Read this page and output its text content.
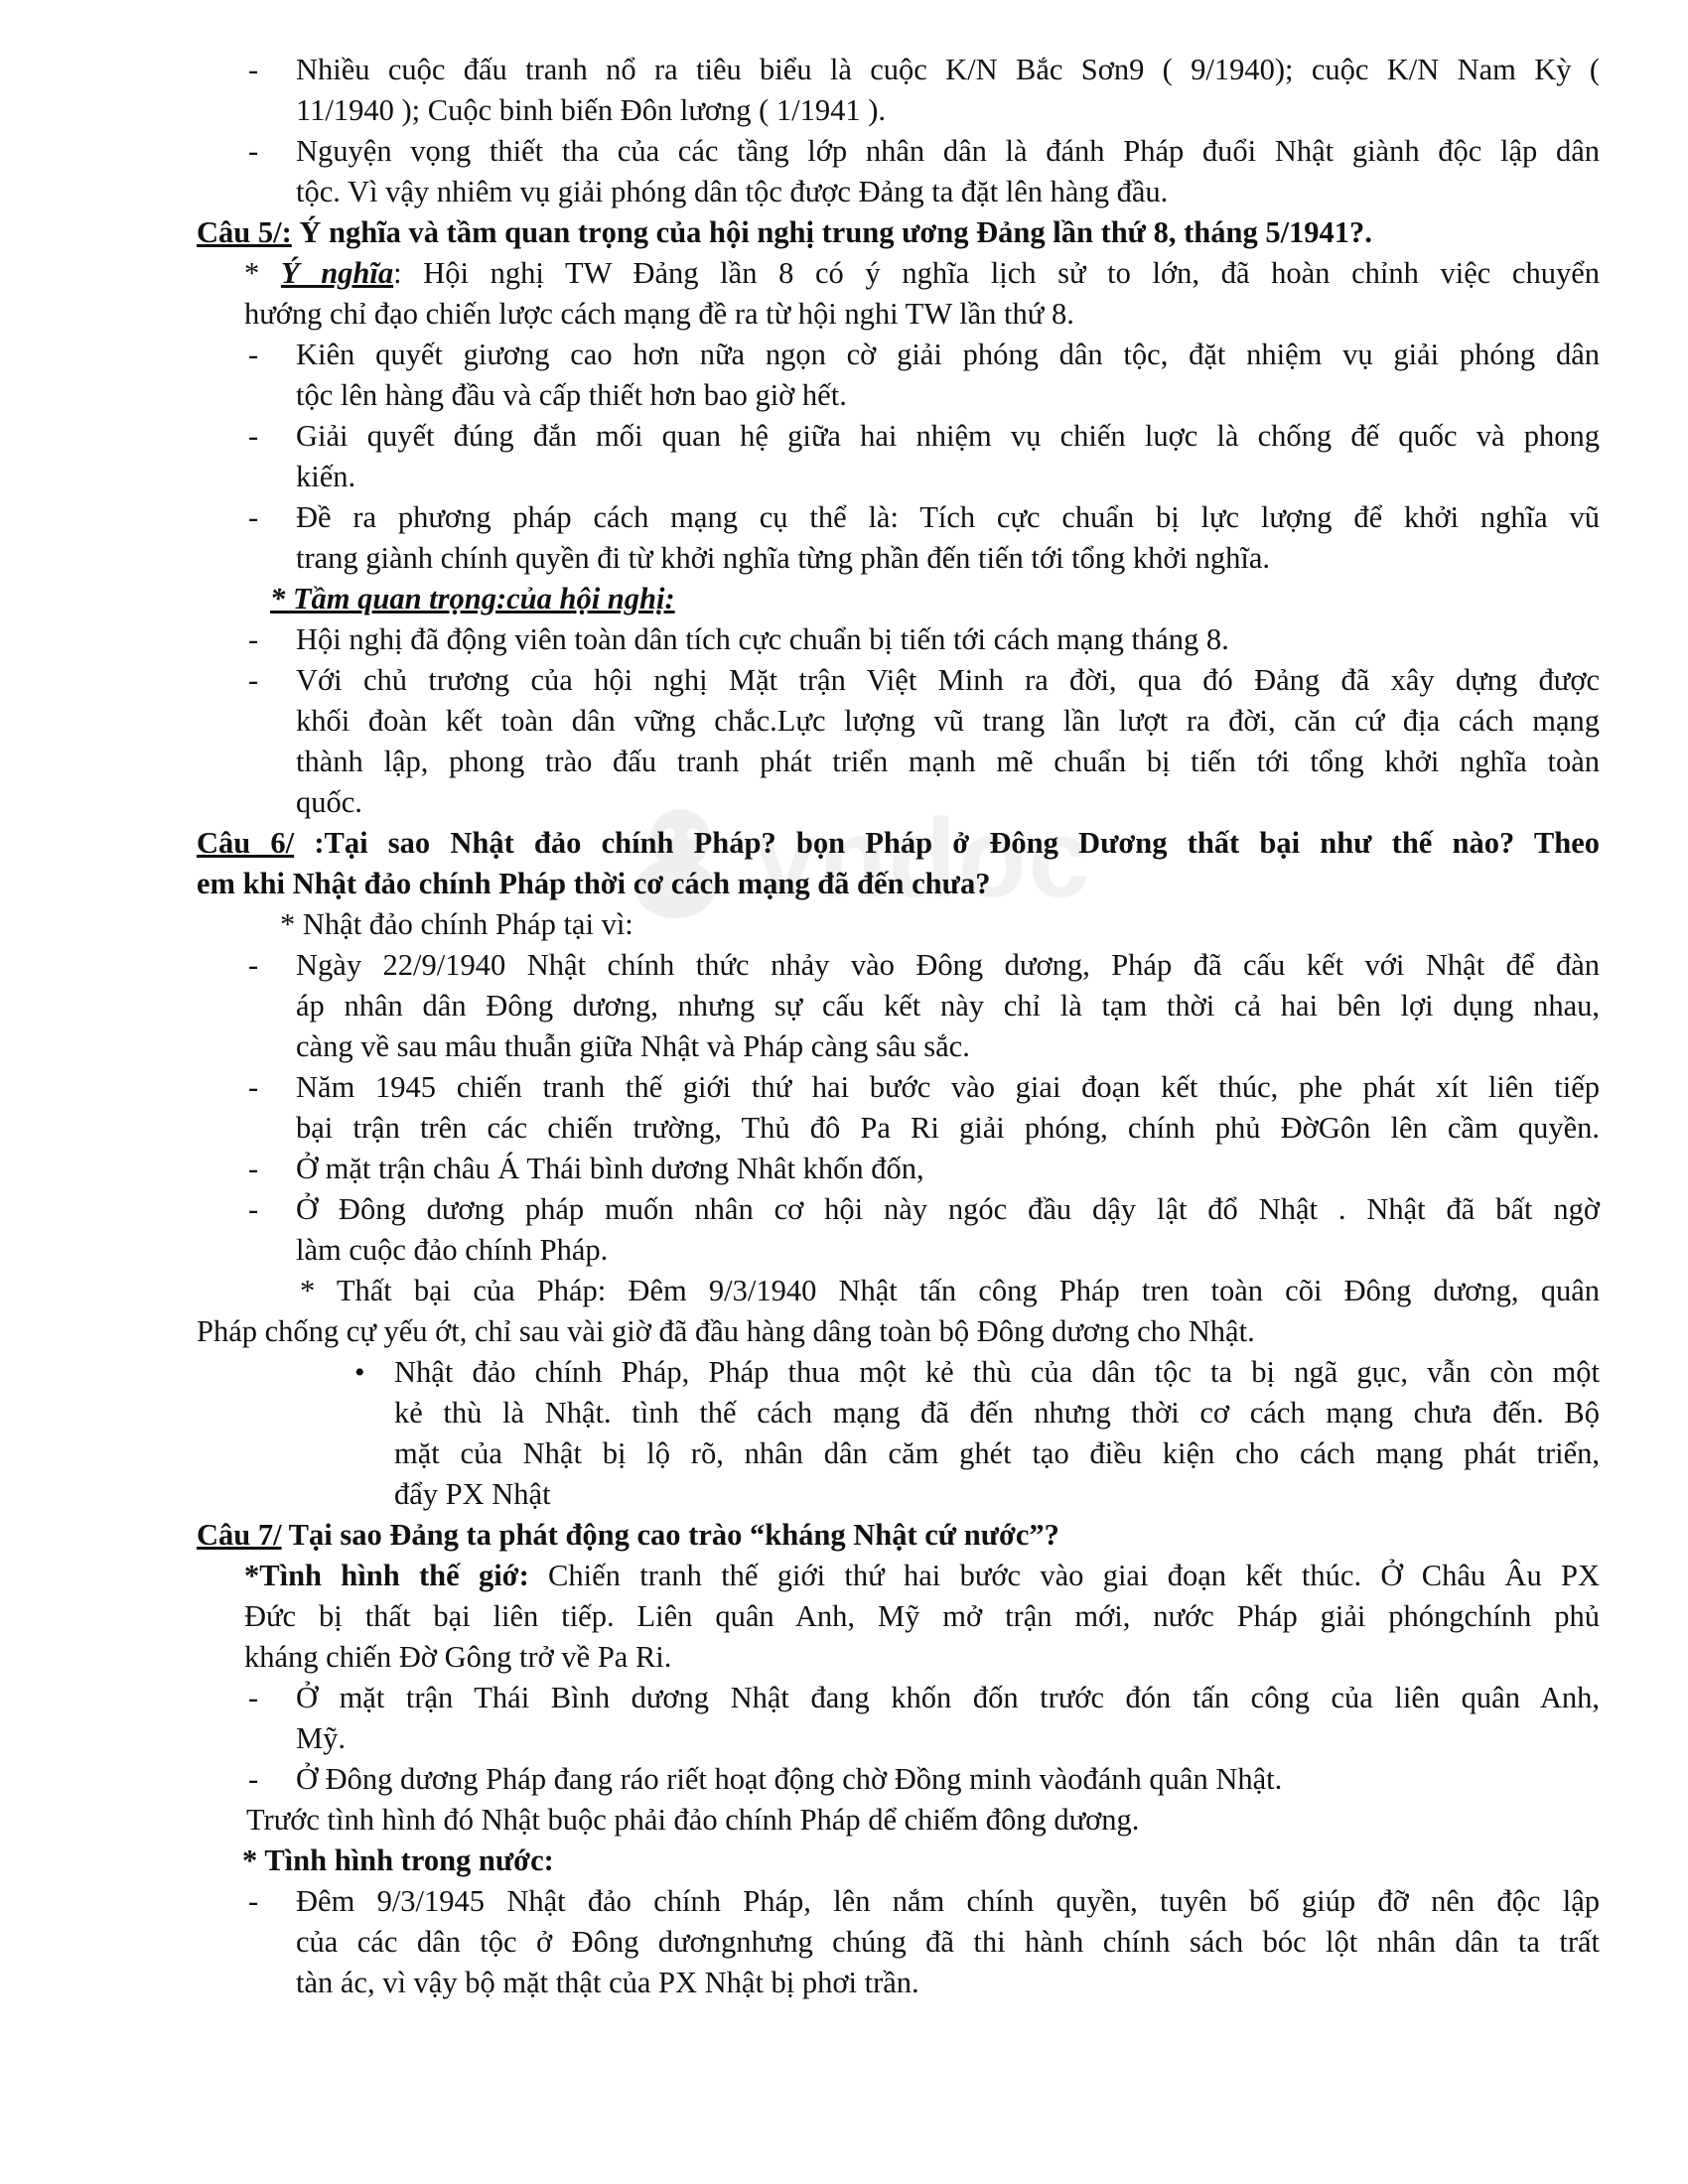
vndoc
- Nhiều cuộc đấu tranh nổ ra tiêu biểu là cuộc K/N Bắc Sơn9 ( 9/1940); cuộc K/N Nam Kỳ (
11/1940 ); Cuộc binh biến Đôn lương ( 1/1941 ).
- Nguyện vọng thiết tha của các tầng lớp nhân dân là đánh Pháp đuổi Nhật giành độc lập dân
tộc. Vì vậy nhiêm vụ giải phóng dân tộc được Đảng ta đặt lên hàng đầu.
Câu 5/: Ý nghĩa và tầm quan trọng của hội nghị trung ương Đảng lần thứ 8, tháng 5/1941?.
* Ý nghĩa: Hội nghị TW Đảng lần 8 có ý nghĩa lịch sử to lớn, đã hoàn chỉnh việc chuyển
hướng chỉ đạo chiến lược cách mạng đề ra từ hội nghi TW lần thứ 8.
- Kiên quyết giương cao hơn nữa ngọn cờ giải phóng dân tộc, đặt nhiệm vụ giải phóng dân
tộc lên hàng đầu và cấp thiết hơn bao giờ hết.
- Giải quyết đúng đắn mối quan hệ giữa hai nhiệm vụ chiến luợc là chống đế quốc và phong
kiến.
- Đề ra phương pháp cách mạng cụ thể là: Tích cực chuẩn bị lực lượng để khởi nghĩa vũ
trang giành chính quyền đi từ khởi nghĩa từng phần đến tiến tới tổng khởi nghĩa.
* Tầm quan trọng:của hội nghị:
- Hội nghị đã động viên toàn dân tích cực chuẩn bị tiến tới cách mạng tháng 8.
- Với chủ trương của hội nghị Mặt trận Việt Minh ra đời, qua đó Đảng đã xây dựng được
khối đoàn kết toàn dân vững chắc.Lực lượng vũ trang lần lượt ra đời, căn cứ địa cách mạng
thành lập, phong trào đấu tranh phát triển mạnh mẽ chuẩn bị tiến tới tổng khởi nghĩa toàn
quốc.
Câu 6/ :Tại sao Nhật đảo chính Pháp? bọn Pháp ở Đông Dương thất bại như thế nào? Theo
em khi Nhật đảo chính Pháp thời cơ cách mạng đã đến chưa?
* Nhật đảo chính Pháp tại vì:
- Ngày 22/9/1940 Nhật chính thức nhảy vào Đông dương, Pháp đã cấu kết với Nhật để đàn
áp nhân dân Đông dương, nhưng sự cấu kết này chỉ là tạm thời cả hai bên lợi dụng nhau,
càng về sau mâu thuẫn giữa Nhật và Pháp càng sâu sắc.
- Năm 1945 chiến tranh thế giới thứ hai bước vào giai đoạn kết thúc, phe phát xít liên tiếp
bại trận trên các chiến trường, Thủ đô Pa Ri giải phóng, chính phủ ĐờGôn lên cầm quyền.
- Ở mặt trận châu Á Thái bình dương Nhât khốn đốn,
- Ở Đông dương pháp muốn nhân cơ hội này ngóc đầu dậy lật đổ Nhật . Nhật đã bất ngờ
làm cuộc đảo chính Pháp.
* Thất bại của Pháp: Đêm 9/3/1940 Nhật tấn công Pháp tren toàn cõi Đông dương, quân
Pháp chống cự yếu ớt, chỉ sau vài giờ đã đầu hàng dâng toàn bộ Đông dương cho Nhật.
• Nhật đảo chính Pháp, Pháp thua một kẻ thù của dân tộc ta bị ngã gục, vẫn còn một
kẻ thù là Nhật. tình thế cách mạng đã đến nhưng thời cơ cách mạng chưa đến. Bộ
mặt của Nhật bị lộ rõ, nhân dân căm ghét tạo điều kiện cho cách mạng phát triển,
đẩy PX Nhật
Câu 7/ Tại sao Đảng ta phát động cao trào “kháng Nhật cứ nước”?
*Tình hình thế giớ: Chiến tranh thế giới thứ hai bước vào giai đoạn kết thúc. Ở Châu Âu PX
Đức bị thất bại liên tiếp. Liên quân Anh, Mỹ mở trận mới, nước Pháp giải phóngchính phủ
kháng chiến Đờ Gông trở về Pa Ri.
- Ở mặt trận Thái Bình dương Nhật đang khốn đốn trước đón tấn công của liên quân Anh,
Mỹ.
- Ở Đông dương Pháp đang ráo riết hoạt động chờ Đồng minh vàođánh quân Nhật.
Trước tình hình đó Nhật buộc phải đảo chính Pháp dể chiếm đông dương.
* Tình hình trong nước:
- Đêm 9/3/1945 Nhật đảo chính Pháp, lên nắm chính quyền, tuyên bố giúp đỡ nên độc lập
của các dân tộc ở Đông dươngnhưng chúng đã thi hành chính sách bóc lột nhân dân ta trất
tàn ác, vì vậy bộ mặt thật của PX Nhật bị phơi trần.
